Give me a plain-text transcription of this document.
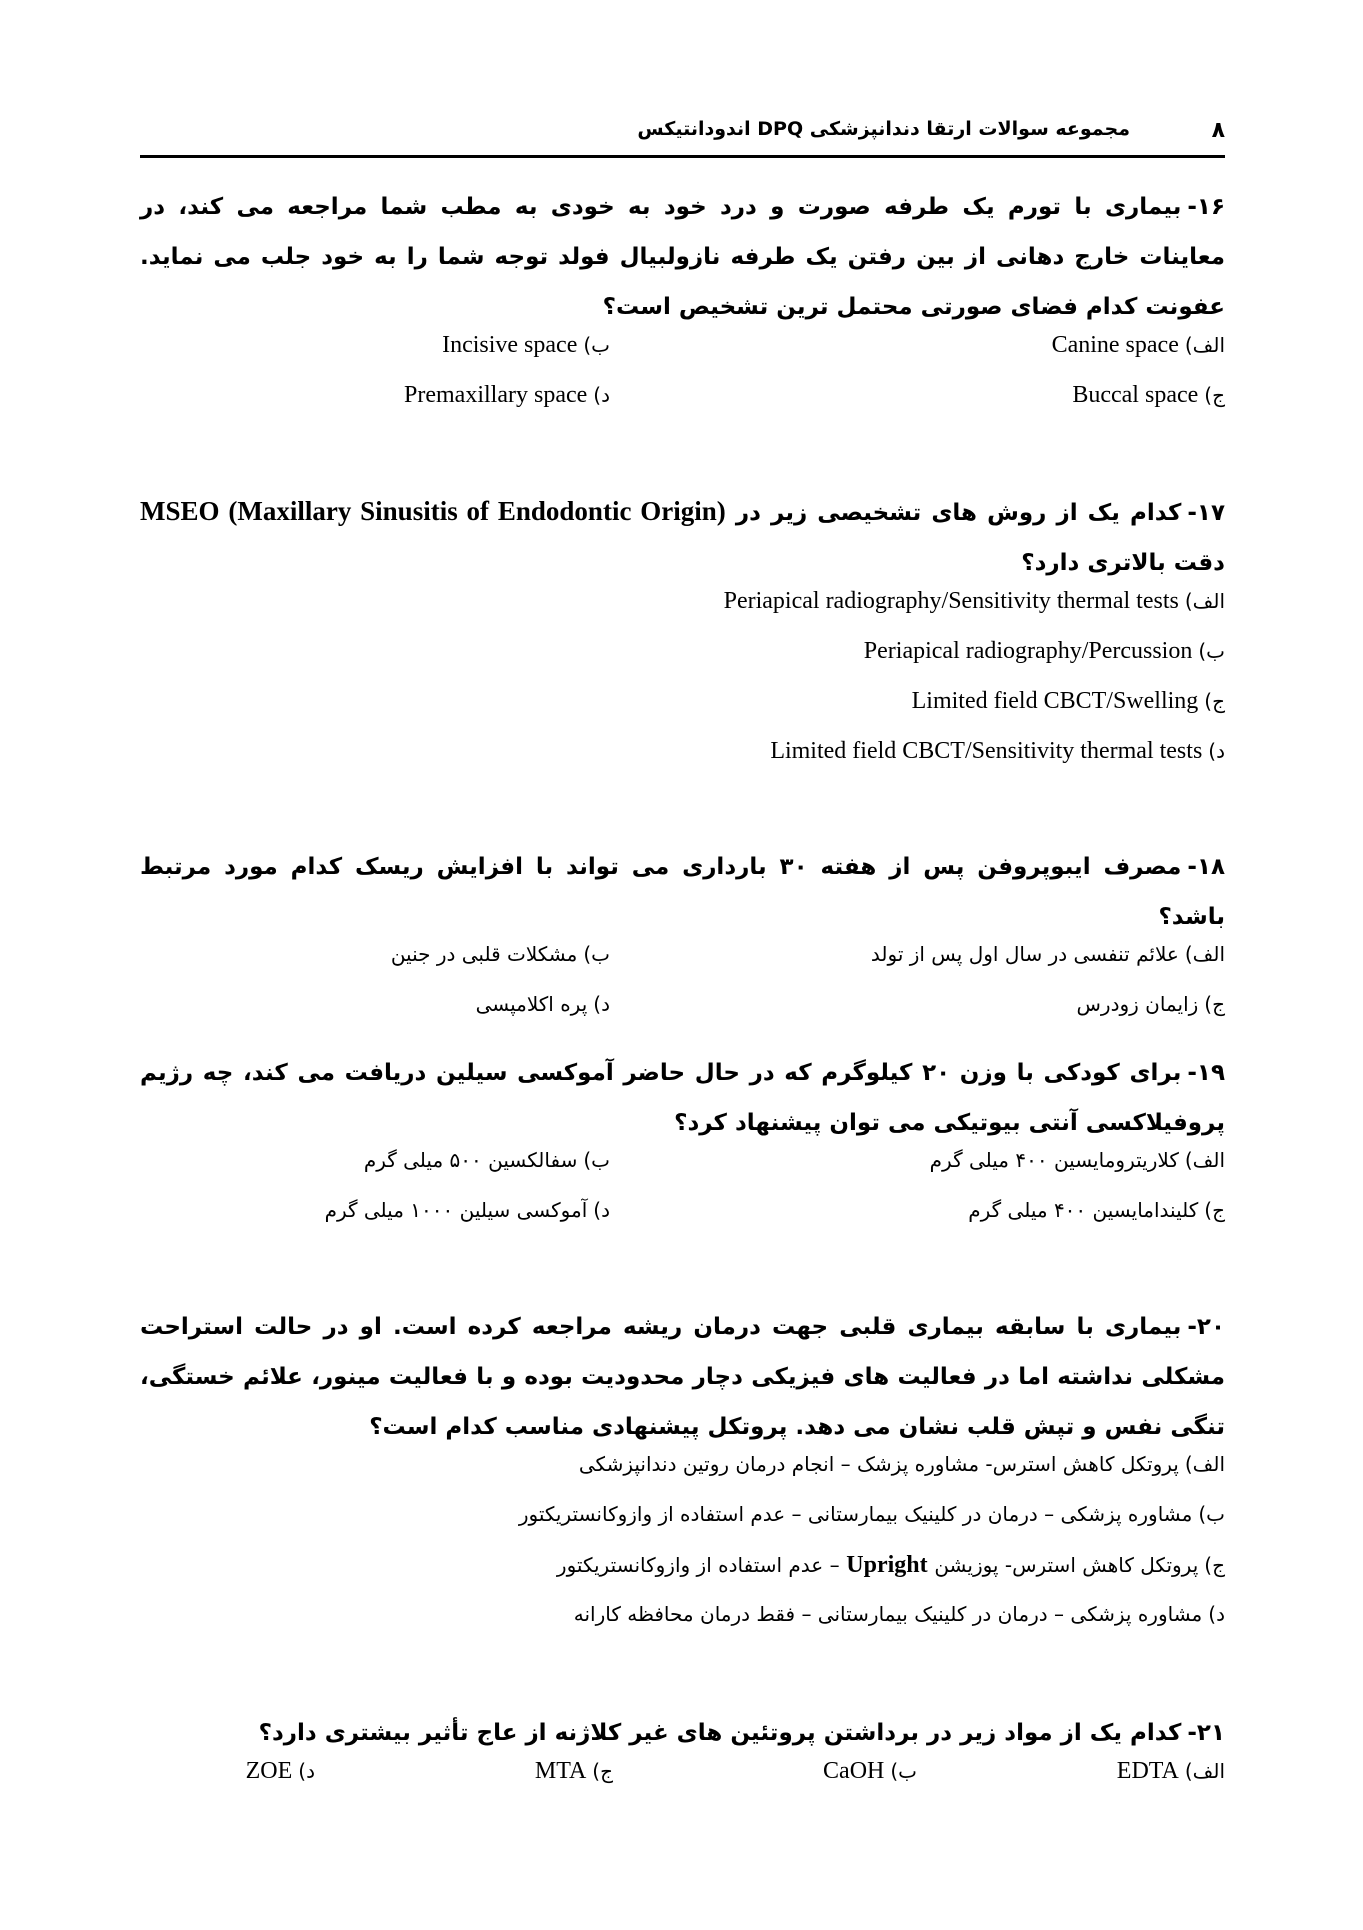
۸
مجموعه سوالات ارتقا دندانپزشکی DPQ اندودانتیکس

۱۶-بیماری با تورم یک طرفه صورت و درد خود به خودی به مطب شما مراجعه می کند، در معاینات خارج دهانی از بین رفتن یک طرفه نازولبیال فولد توجه شما را به خود جلب می نماید. عفونت کدام فضای صورتی محتمل ترین تشخیص است؟

الف)Canine space
ب)Incisive space
ج)Buccal space
د)Premaxillary space

۱۷-کدام یک از روش های تشخیصی زیر در MSEO (Maxillary Sinusitis of Endodontic Origin) دقت بالاتری دارد؟

الف)Periapical radiography/Sensitivity thermal tests
ب)Periapical radiography/Percussion
ج)Limited field CBCT/Swelling
د)Limited field CBCT/Sensitivity thermal tests

۱۸-مصرف ایبوپروفن پس از هفته ۳۰ بارداری می تواند با افزایش ریسک کدام مورد مرتبط باشد؟

الف)علائم تنفسی در سال اول پس از تولد
ب)مشکلات قلبی در جنین
ج)زایمان زودرس
د)پره اکلامپسی

۱۹-برای کودکی با وزن ۲۰ کیلوگرم که در حال حاضر آموکسی سیلین دریافت می کند، چه رژیم پروفیلاکسی آنتی بیوتیکی می توان پیشنهاد کرد؟

الف)کلاریترومایسین ۴۰۰ میلی گرم
ب)سفالکسین ۵۰۰ میلی گرم
ج)کلیندامایسین ۴۰۰ میلی گرم
د)آموکسی سیلین ۱۰۰۰ میلی گرم

۲۰-بیماری با سابقه بیماری قلبی جهت درمان ریشه مراجعه کرده است. او در حالت استراحت مشکلی نداشته اما در فعالیت های فیزیکی دچار محدودیت بوده و با فعالیت مینور، علائم خستگی، تنگی نفس و تپش قلب نشان می دهد. پروتکل پیشنهادی مناسب کدام است؟

الف)پروتکل کاهش استرس- مشاوره پزشک – انجام درمان روتین دندانپزشکی
ب)مشاوره پزشکی – درمان در کلینیک بیمارستانی – عدم استفاده از وازوکانستریکتور
ج)پروتکل کاهش استرس- پوزیشن Upright – عدم استفاده از وازوکانستریکتور
د)مشاوره پزشکی – درمان در کلینیک بیمارستانی – فقط درمان محافظه کارانه

۲۱-کدام یک از مواد زیر در برداشتن پروتئین های غیر کلاژنه از عاج تأثیر بیشتری دارد؟

الف)EDTA
ب)CaOH
ج)MTA
د)ZOE
